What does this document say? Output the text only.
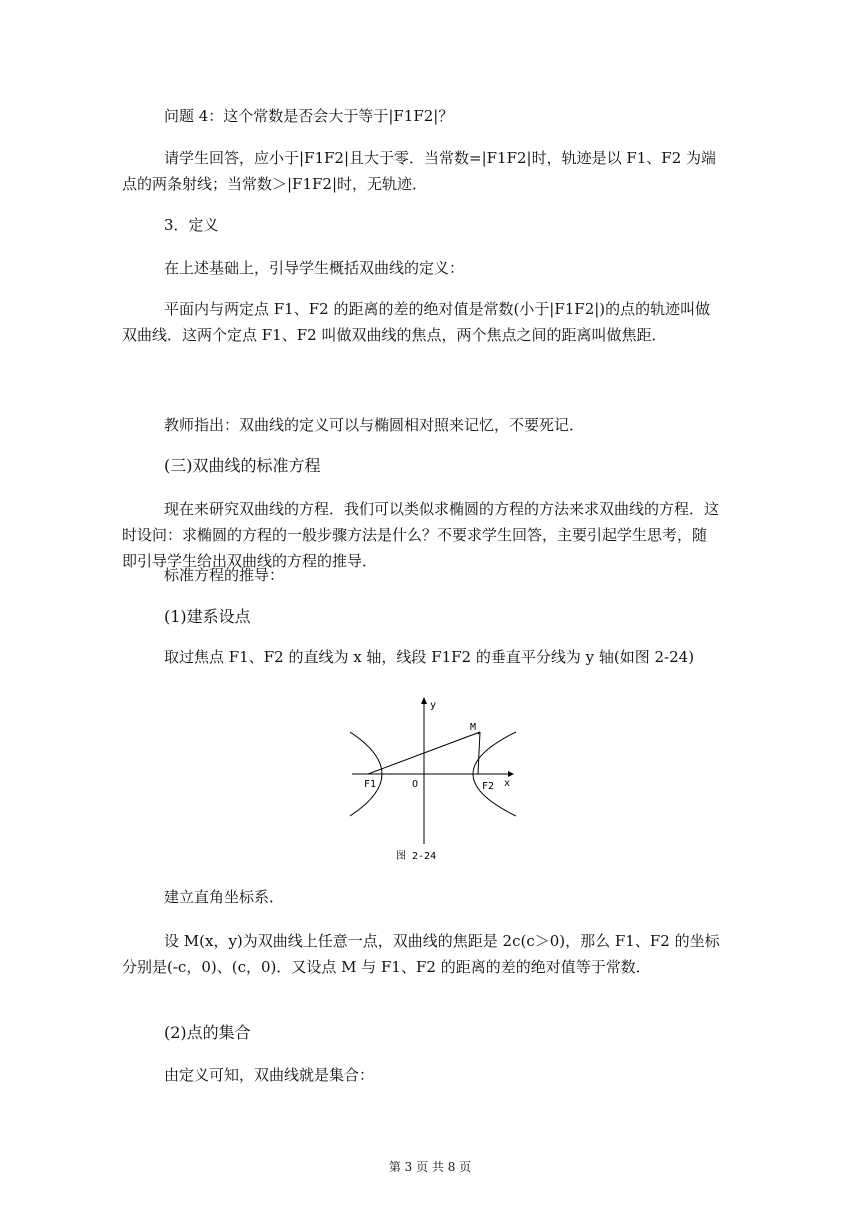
问题 4：这个常数是否会大于等于|F1F2|？

请学生回答，应小于|F1F2|且大于零．当常数=|F1F2|时，轨迹是以 F1、F2 为端点的两条射线；当常数＞|F1F2|时，无轨迹．

3．定义

在上述基础上，引导学生概括双曲线的定义：

平面内与两定点 F1、F2 的距离的差的绝对值是常数(小于|F1F2|)的点的轨迹叫做双曲线．这两个定点 F1、F2 叫做双曲线的焦点，两个焦点之间的距离叫做焦距．

教师指出：双曲线的定义可以与椭圆相对照来记忆，不要死记．

(三)双曲线的标准方程

现在来研究双曲线的方程．我们可以类似求椭圆的方程的方法来求双曲线的方程．这时设问：求椭圆的方程的一般步骤方法是什么？不要求学生回答，主要引起学生思考，随即引导学生给出双曲线的方程的推导．

标准方程的推导：

(1)建系设点

取过焦点 F1、F2 的直线为 x 轴，线段 F1F2 的垂直平分线为 y 轴(如图 2-24)

y
M
F1	O	F2 x
图 2-24

建立直角坐标系．

设 M(x，y)为双曲线上任意一点，双曲线的焦距是 2c(c＞0)，那么 F1、F2 的坐标分别是(-c，0)、(c，0)．又设点 M 与 F1、F2 的距离的差的绝对值等于常数．

(2)点的集合

由定义可知，双曲线就是集合：

第 3 页 共 8 页
